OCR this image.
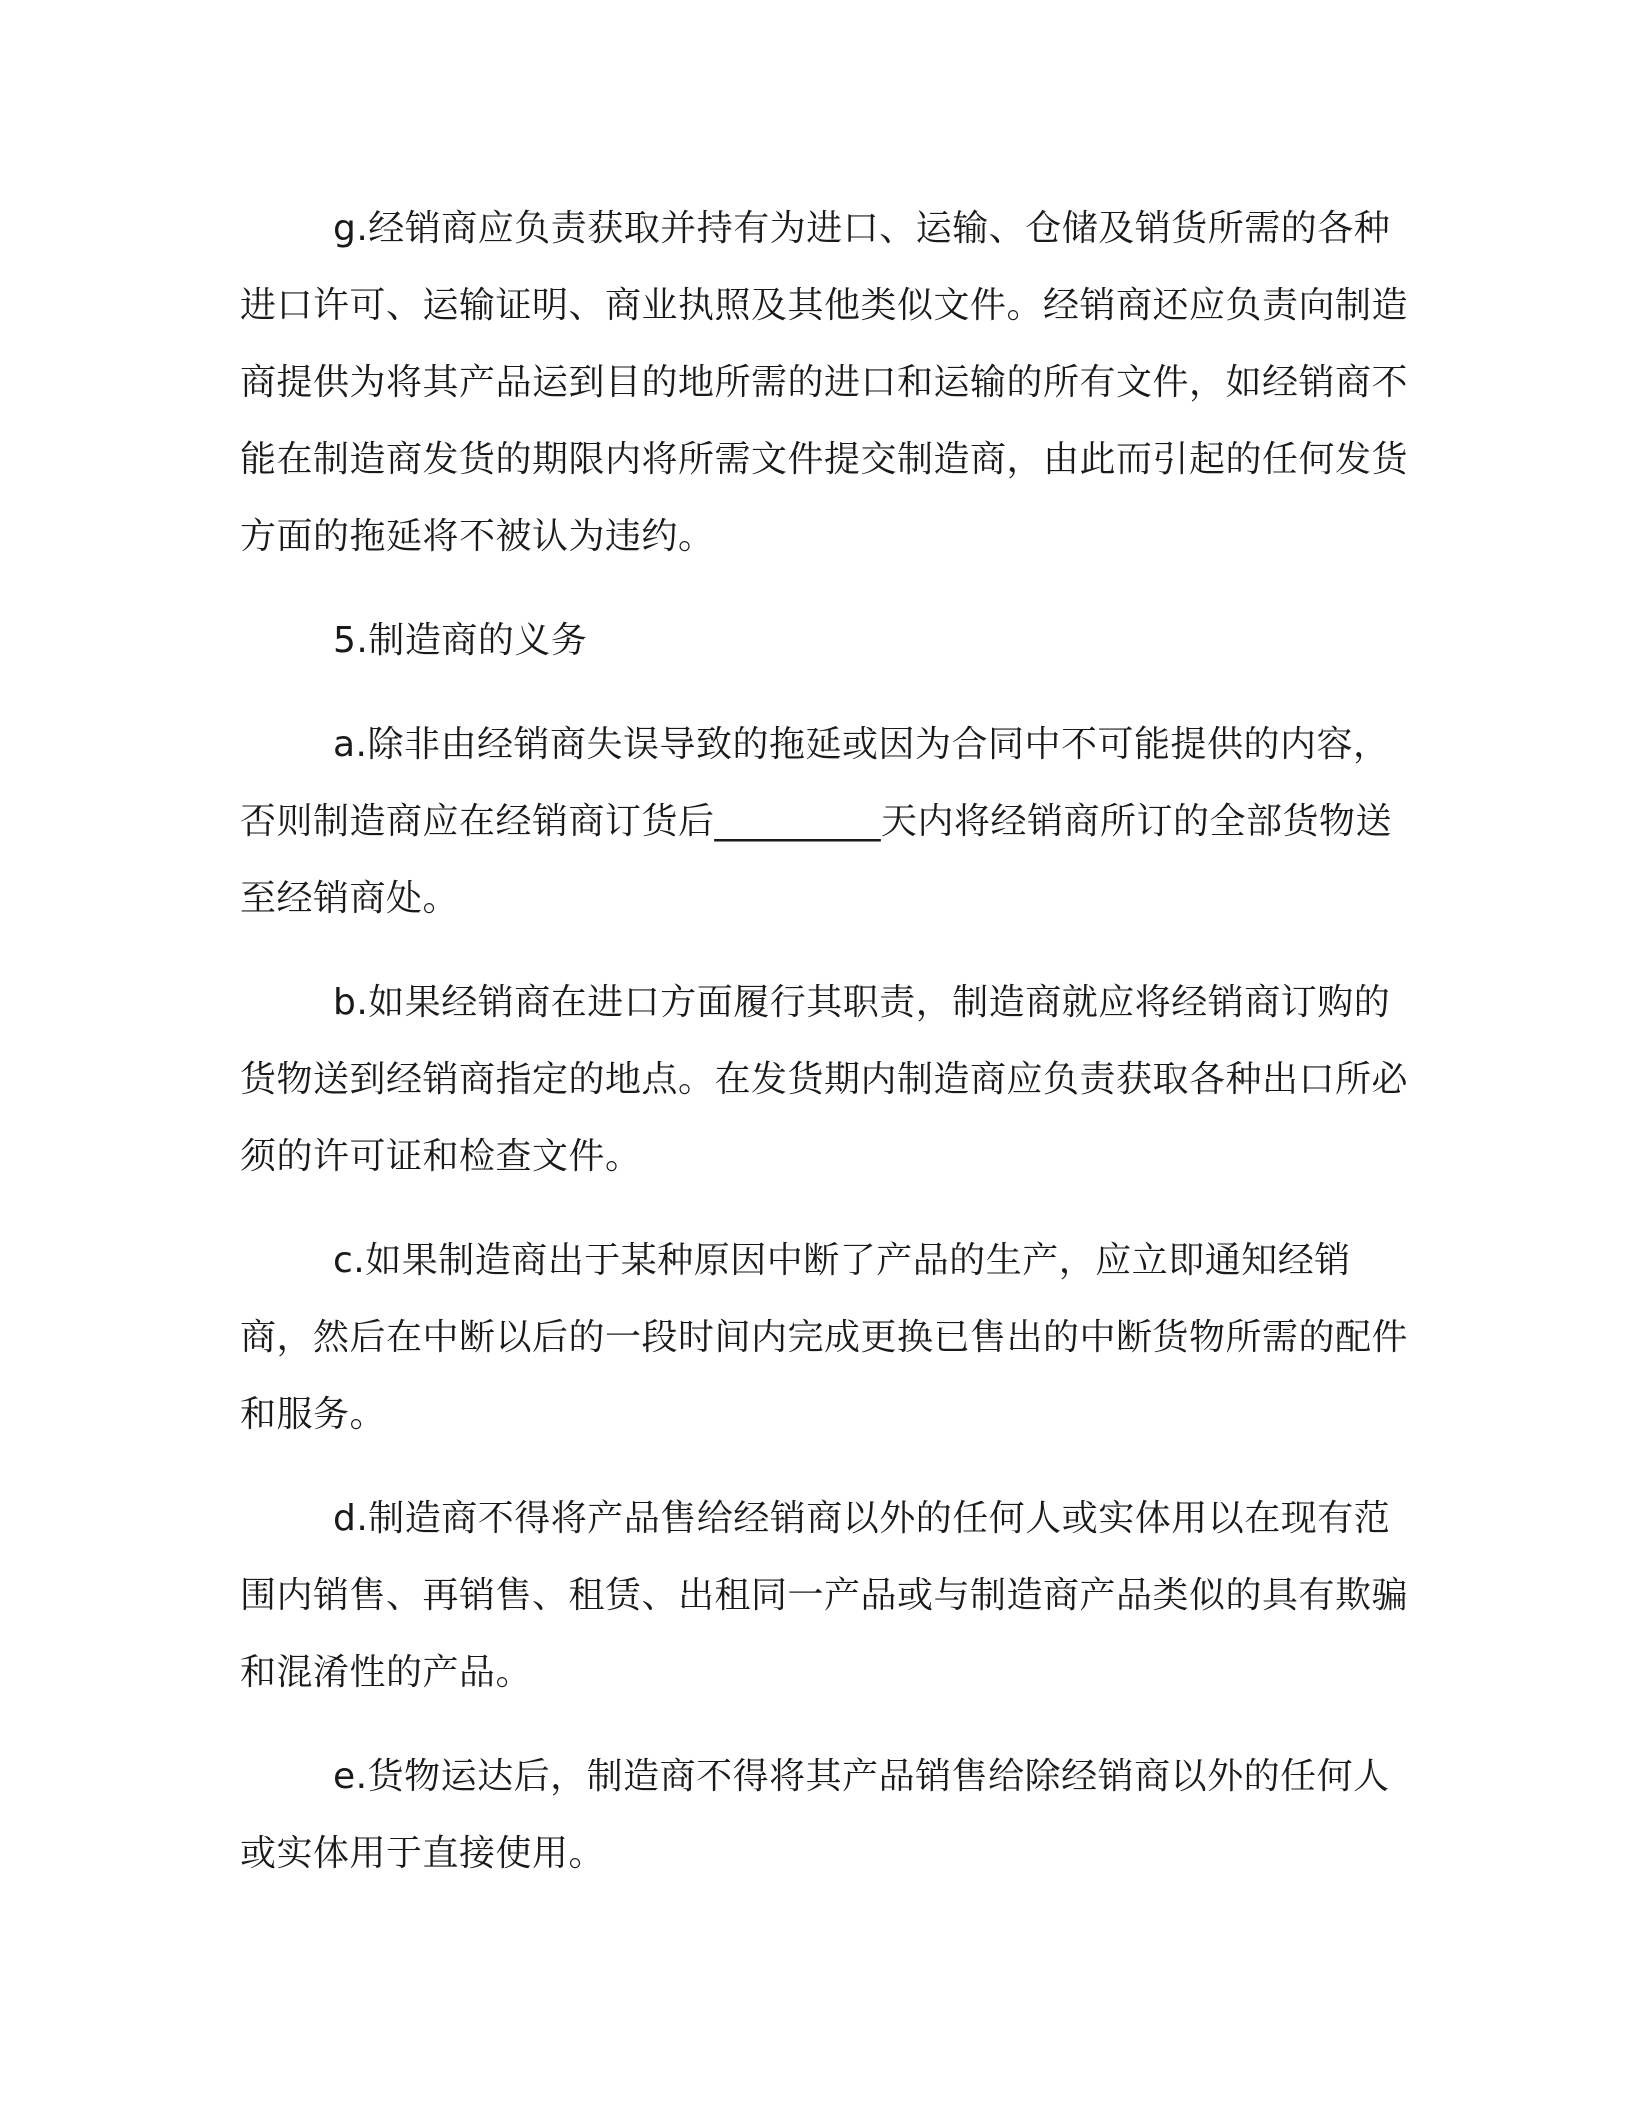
g.经销商应负责获取并持有为进口、运输、仓储及销货所需的各种进口许可、运输证明、商业执照及其他类似文件。经销商还应负责向制造商提供为将其产品运到目的地所需的进口和运输的所有文件，如经销商不能在制造商发货的期限内将所需文件提交制造商，由此而引起的任何发货方面的拖延将不被认为违约。

5.制造商的义务

a.除非由经销商失误导致的拖延或因为合同中不可能提供的内容，否则制造商应在经销商订货后_________天内将经销商所订的全部货物送至经销商处。

b.如果经销商在进口方面履行其职责，制造商就应将经销商订购的货物送到经销商指定的地点。在发货期内制造商应负责获取各种出口所必须的许可证和检查文件。

c.如果制造商出于某种原因中断了产品的生产，应立即通知经销商，然后在中断以后的一段时间内完成更换已售出的中断货物所需的配件和服务。

d.制造商不得将产品售给经销商以外的任何人或实体用以在现有范围内销售、再销售、租赁、出租同一产品或与制造商产品类似的具有欺骗和混淆性的产品。

e.货物运达后，制造商不得将其产品销售给除经销商以外的任何人或实体用于直接使用。
